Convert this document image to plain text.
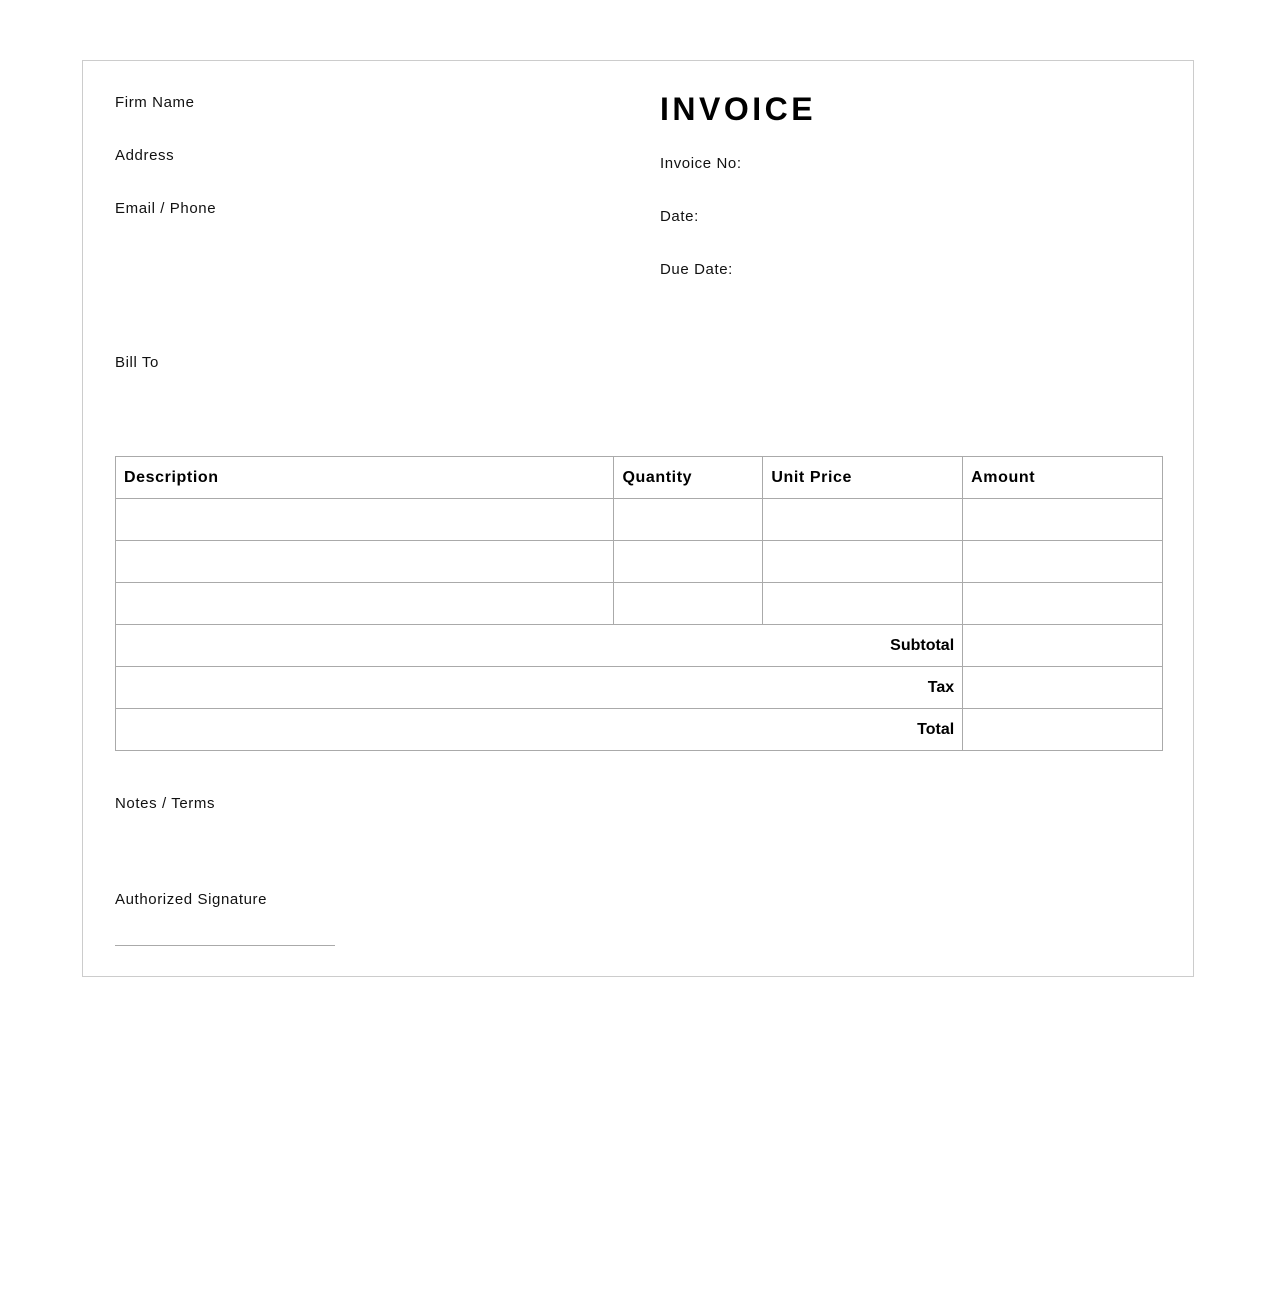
Firm Name
Address
Email / Phone
INVOICE
Invoice No:
Date:
Due Date:
Bill To
Description	Quantity	Unit Price	Amount

Subtotal			
Tax			
Total			
Notes / Terms
Authorized Signature
